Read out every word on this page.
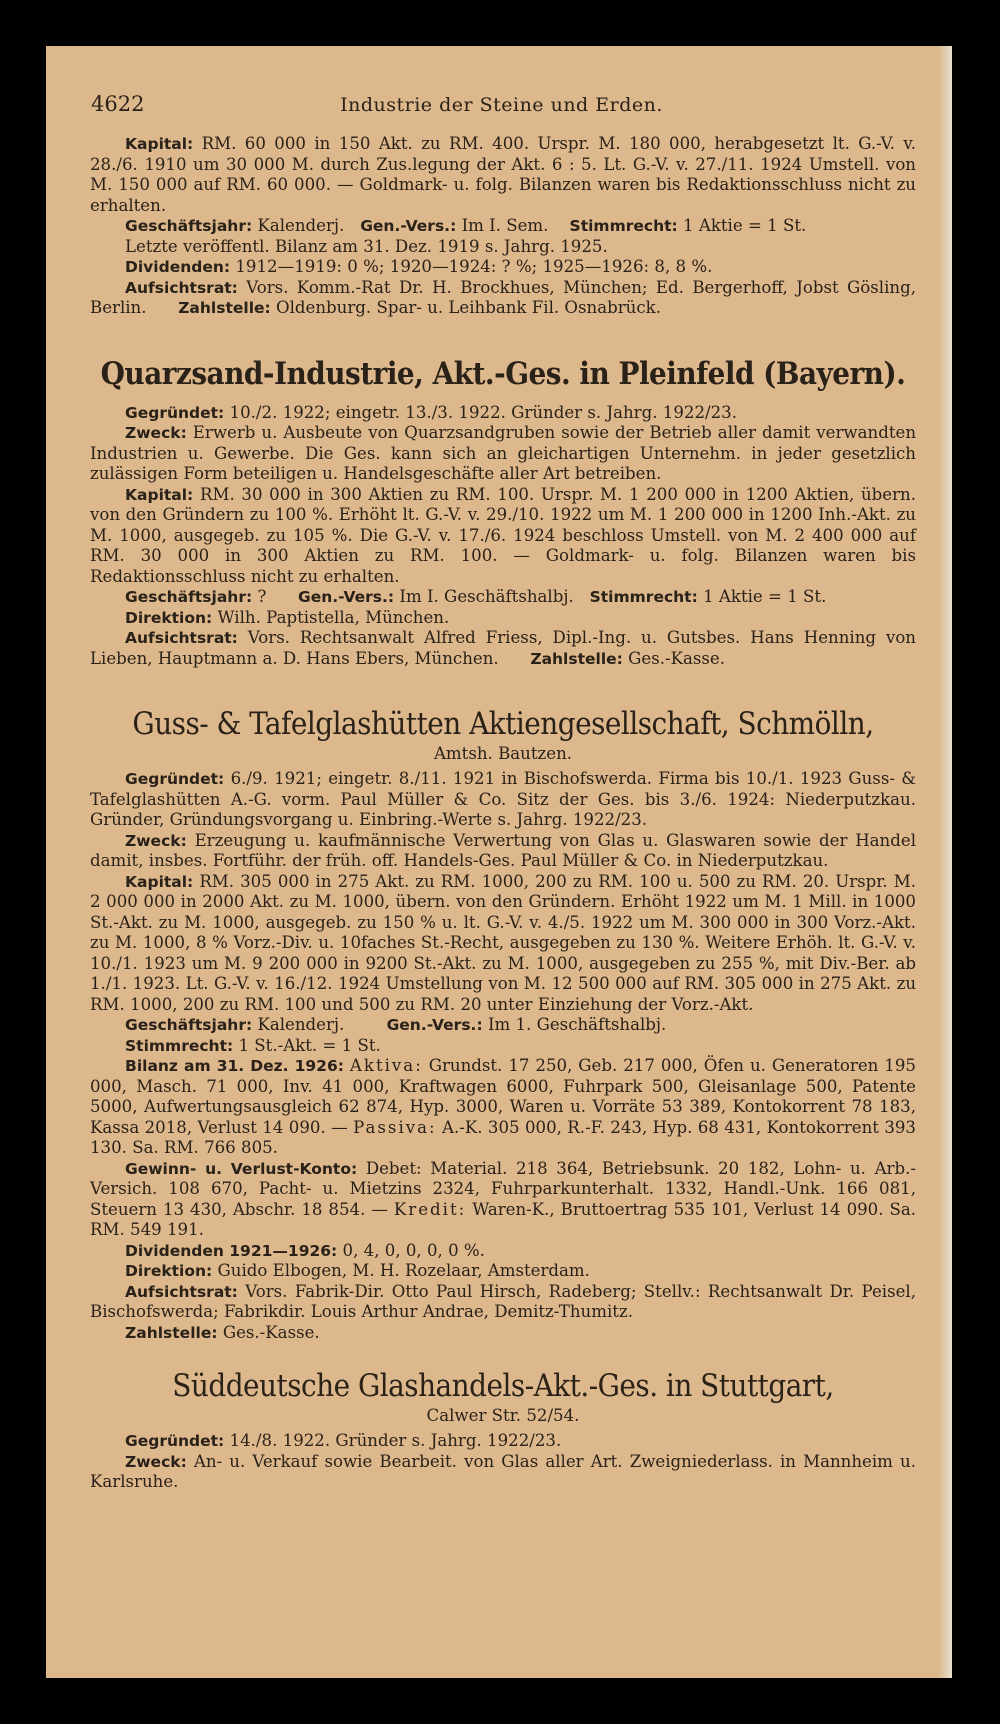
4622	Industrie der Steine und Erden.

Kapital: RM. 60 000 in 150 Akt. zu RM. 400. Urspr. M. 180 000, herabgesetzt lt. G.-V. v. 28./6. 1910 um 30 000 M. durch Zus.legung der Akt. 6 : 5. Lt. G.-V. v. 27./11. 1924 Umstell. von M. 150 000 auf RM. 60 000. — Goldmark- u. folg. Bilanzen waren bis Redaktionsschluss nicht zu erhalten.

Geschäftsjahr: Kalenderj. Gen.-Vers.: Im I. Sem. Stimmrecht: 1 Aktie = 1 St.

Letzte veröffentl. Bilanz am 31. Dez. 1919 s. Jahrg. 1925.

Dividenden: 1912—1919: 0 %; 1920—1924: ? %; 1925—1926: 8, 8 %.

Aufsichtsrat: Vors. Komm.-Rat Dr. H. Brockhues, München; Ed. Bergerhoff, Jobst Gösling, Berlin. Zahlstelle: Oldenburg. Spar- u. Leihbank Fil. Osnabrück.

Quarzsand-Industrie, Akt.-Ges. in Pleinfeld (Bayern).

Gegründet: 10./2. 1922; eingetr. 13./3. 1922. Gründer s. Jahrg. 1922/23.

Zweck: Erwerb u. Ausbeute von Quarzsandgruben sowie der Betrieb aller damit verwandten Industrien u. Gewerbe. Die Ges. kann sich an gleichartigen Unternehm. in jeder gesetzlich zulässigen Form beteiligen u. Handelsgeschäfte aller Art betreiben.

Kapital: RM. 30 000 in 300 Aktien zu RM. 100. Urspr. M. 1 200 000 in 1200 Aktien, übern. von den Gründern zu 100 %. Erhöht lt. G.-V. v. 29./10. 1922 um M. 1 200 000 in 1200 Inh.-Akt. zu M. 1000, ausgegeb. zu 105 %. Die G.-V. v. 17./6. 1924 beschloss Umstell. von M. 2 400 000 auf RM. 30 000 in 300 Aktien zu RM. 100. — Goldmark- u. folg. Bilanzen waren bis Redaktionsschluss nicht zu erhalten.

Geschäftsjahr: ? Gen.-Vers.: Im I. Geschäftshalbj. Stimmrecht: 1 Aktie = 1 St.

Direktion: Wilh. Paptistella, München.

Aufsichtsrat: Vors. Rechtsanwalt Alfred Friess, Dipl.-Ing. u. Gutsbes. Hans Henning von Lieben, Hauptmann a. D. Hans Ebers, München. Zahlstelle: Ges.-Kasse.

Guss- & Tafelglashütten Aktiengesellschaft, Schmölln,
Amtsh. Bautzen.

Gegründet: 6./9. 1921; eingetr. 8./11. 1921 in Bischofswerda. Firma bis 10./1. 1923 Guss- & Tafelglashütten A.-G. vorm. Paul Müller & Co. Sitz der Ges. bis 3./6. 1924: Niederputzkau. Gründer, Gründungsvorgang u. Einbring.-Werte s. Jahrg. 1922/23.

Zweck: Erzeugung u. kaufmännische Verwertung von Glas u. Glaswaren sowie der Handel damit, insbes. Fortführ. der früh. off. Handels-Ges. Paul Müller & Co. in Niederputzkau.

Kapital: RM. 305 000 in 275 Akt. zu RM. 1000, 200 zu RM. 100 u. 500 zu RM. 20. Urspr. M. 2 000 000 in 2000 Akt. zu M. 1000, übern. von den Gründern. Erhöht 1922 um M. 1 Mill. in 1000 St.-Akt. zu M. 1000, ausgegeb. zu 150 % u. lt. G.-V. v. 4./5. 1922 um M. 300 000 in 300 Vorz.-Akt. zu M. 1000, 8 % Vorz.-Div. u. 10faches St.-Recht, ausgegeben zu 130 %. Weitere Erhöh. lt. G.-V. v. 10./1. 1923 um M. 9 200 000 in 9200 St.-Akt. zu M. 1000, ausgegeben zu 255 %, mit Div.-Ber. ab 1./1. 1923. Lt. G.-V. v. 16./12. 1924 Umstellung von M. 12 500 000 auf RM. 305 000 in 275 Akt. zu RM. 1000, 200 zu RM. 100 und 500 zu RM. 20 unter Einziehung der Vorz.-Akt.

Geschäftsjahr: Kalenderj.	Gen.-Vers.: Im 1. Geschäftshalbj.

Stimmrecht: 1 St.-Akt. = 1 St.

Bilanz am 31. Dez. 1926: Aktiva: Grundst. 17 250, Geb. 217 000, Öfen u. Generatoren 195 000, Masch. 71 000, Inv. 41 000, Kraftwagen 6000, Fuhrpark 500, Gleisanlage 500, Patente 5000, Aufwertungsausgleich 62 874, Hyp. 3000, Waren u. Vorräte 53 389, Kontokorrent 78 183, Kassa 2018, Verlust 14 090. — Passiva: A.-K. 305 000, R.-F. 243, Hyp. 68 431, Kontokorrent 393 130. Sa. RM. 766 805.

Gewinn- u. Verlust-Konto: Debet: Material. 218 364, Betriebsunk. 20 182, Lohn- u. Arb.-Versich. 108 670, Pacht- u. Mietzins 2324, Fuhrparkunterhalt. 1332, Handl.-Unk. 166 081, Steuern 13 430, Abschr. 18 854. — Kredit: Waren-K., Bruttoertrag 535 101, Verlust 14 090. Sa. RM. 549 191.

Dividenden 1921—1926: 0, 4, 0, 0, 0, 0 %.

Direktion: Guido Elbogen, M. H. Rozelaar, Amsterdam.

Aufsichtsrat: Vors. Fabrik-Dir. Otto Paul Hirsch, Radeberg; Stellv.: Rechtsanwalt Dr. Peisel, Bischofswerda; Fabrikdir. Louis Arthur Andrae, Demitz-Thumitz.

Zahlstelle: Ges.-Kasse.

Süddeutsche Glashandels-Akt.-Ges. in Stuttgart,
Calwer Str. 52/54.

Gegründet: 14./8. 1922. Gründer s. Jahrg. 1922/23.

Zweck: An- u. Verkauf sowie Bearbeit. von Glas aller Art. Zweigniederlass. in Mannheim u. Karlsruhe.
